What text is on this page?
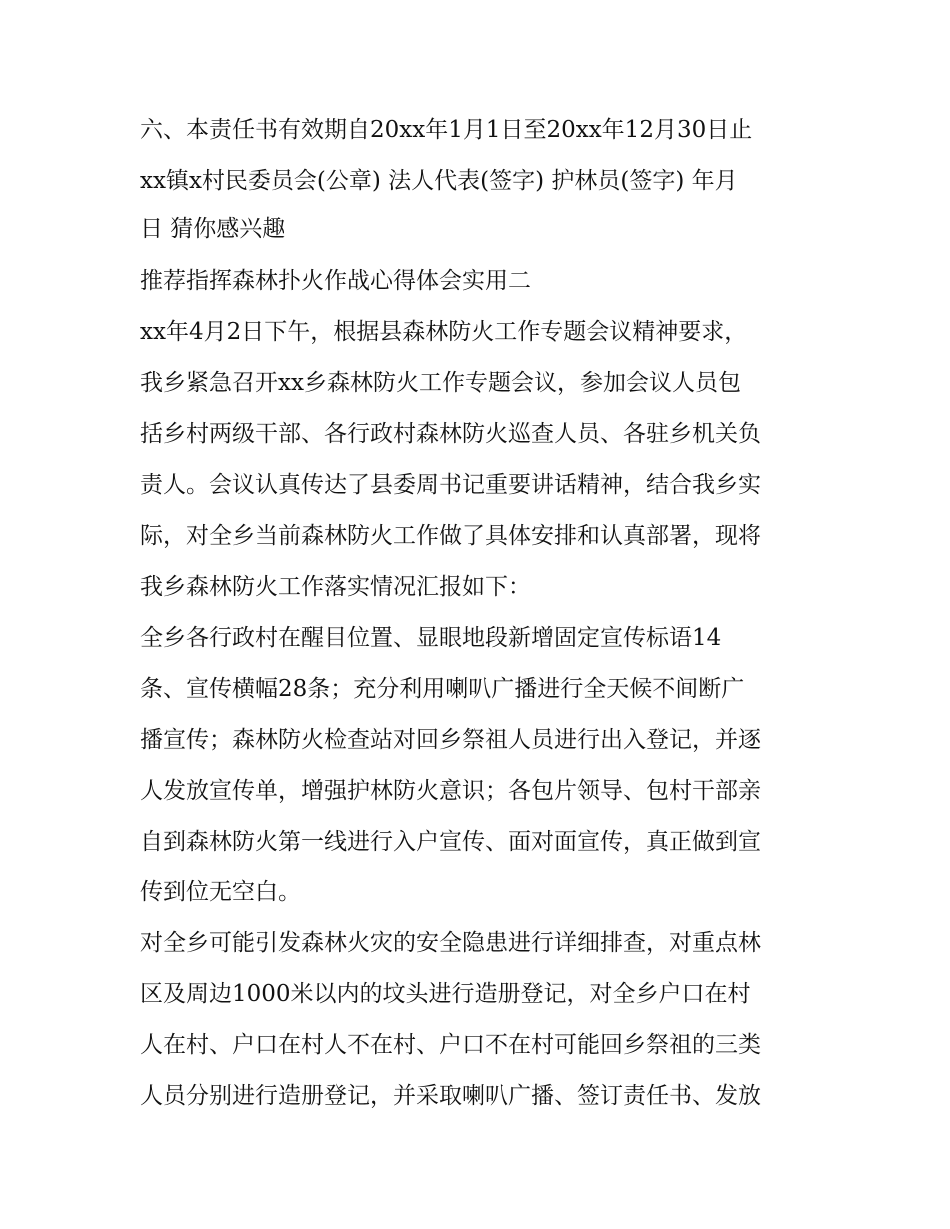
六、本责任书有效期自20xx年1月1日至20xx年12月30日止

xx镇x村民委员会(公章) 法人代表(签字) 护林员(签字) 年月

日 猜你感兴趣

推荐指挥森林扑火作战心得体会实用二

xx年4月2日下午，根据县森林防火工作专题会议精神要求，

我乡紧急召开xx乡森林防火工作专题会议，参加会议人员包

括乡村两级干部、各行政村森林防火巡查人员、各驻乡机关负

责人。会议认真传达了县委周书记重要讲话精神，结合我乡实

际，对全乡当前森林防火工作做了具体安排和认真部署，现将

我乡森林防火工作落实情况汇报如下：

全乡各行政村在醒目位置、显眼地段新增固定宣传标语14

条、宣传横幅28条；充分利用喇叭广播进行全天候不间断广

播宣传；森林防火检查站对回乡祭祖人员进行出入登记，并逐

人发放宣传单，增强护林防火意识；各包片领导、包村干部亲

自到森林防火第一线进行入户宣传、面对面宣传，真正做到宣

传到位无空白。

对全乡可能引发森林火灾的安全隐患进行详细排查，对重点林

区及周边1000米以内的坟头进行造册登记，对全乡户口在村

人在村、户口在村人不在村、户口不在村可能回乡祭祖的三类

人员分别进行造册登记，并采取喇叭广播、签订责任书、发放
